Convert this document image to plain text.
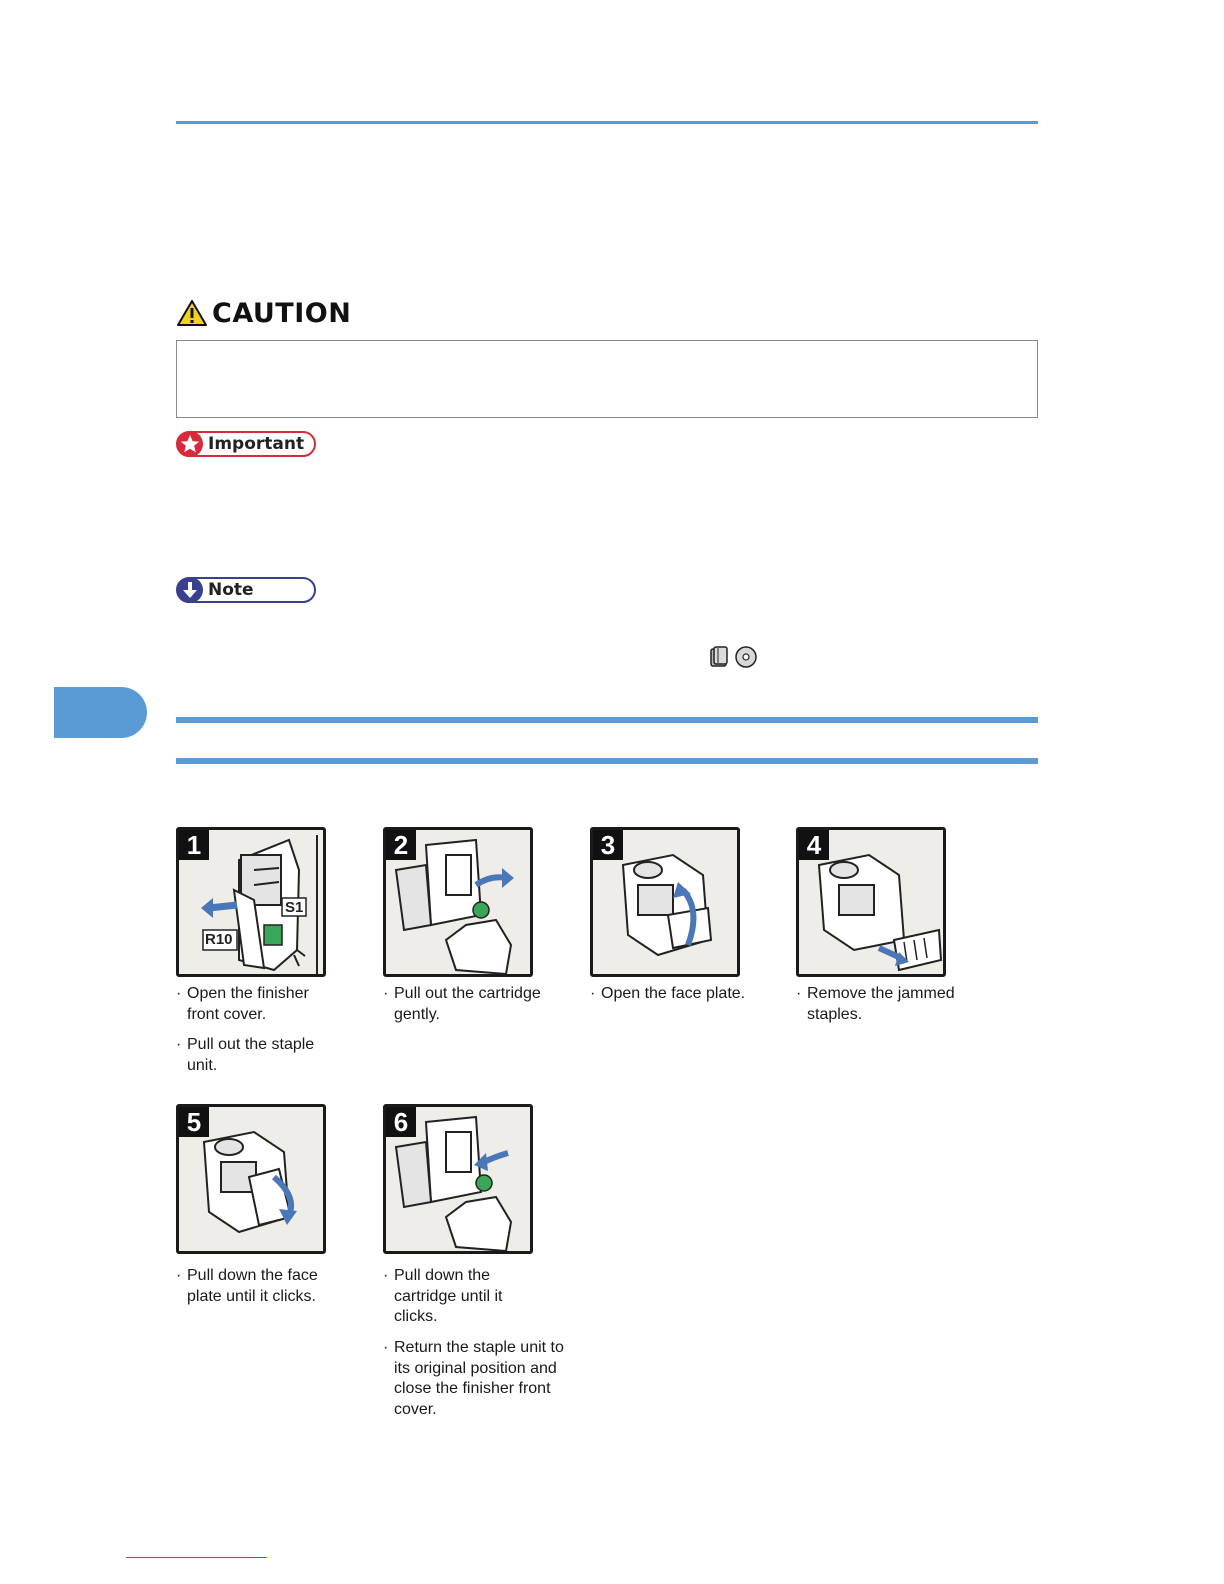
CAUTION
Important
Note
S1
R10
1	2	3	4
5	6
· Open the finisher front cover.
· Pull out the staple unit.
· Pull out the cartridge gently.
· Open the face plate.
·	Remove the jammed staples.
· Pull down the face plate until it clicks.
· Pull down the cartridge until it clicks.
· Return the staple unit to its original position and close the finisher front cover.
